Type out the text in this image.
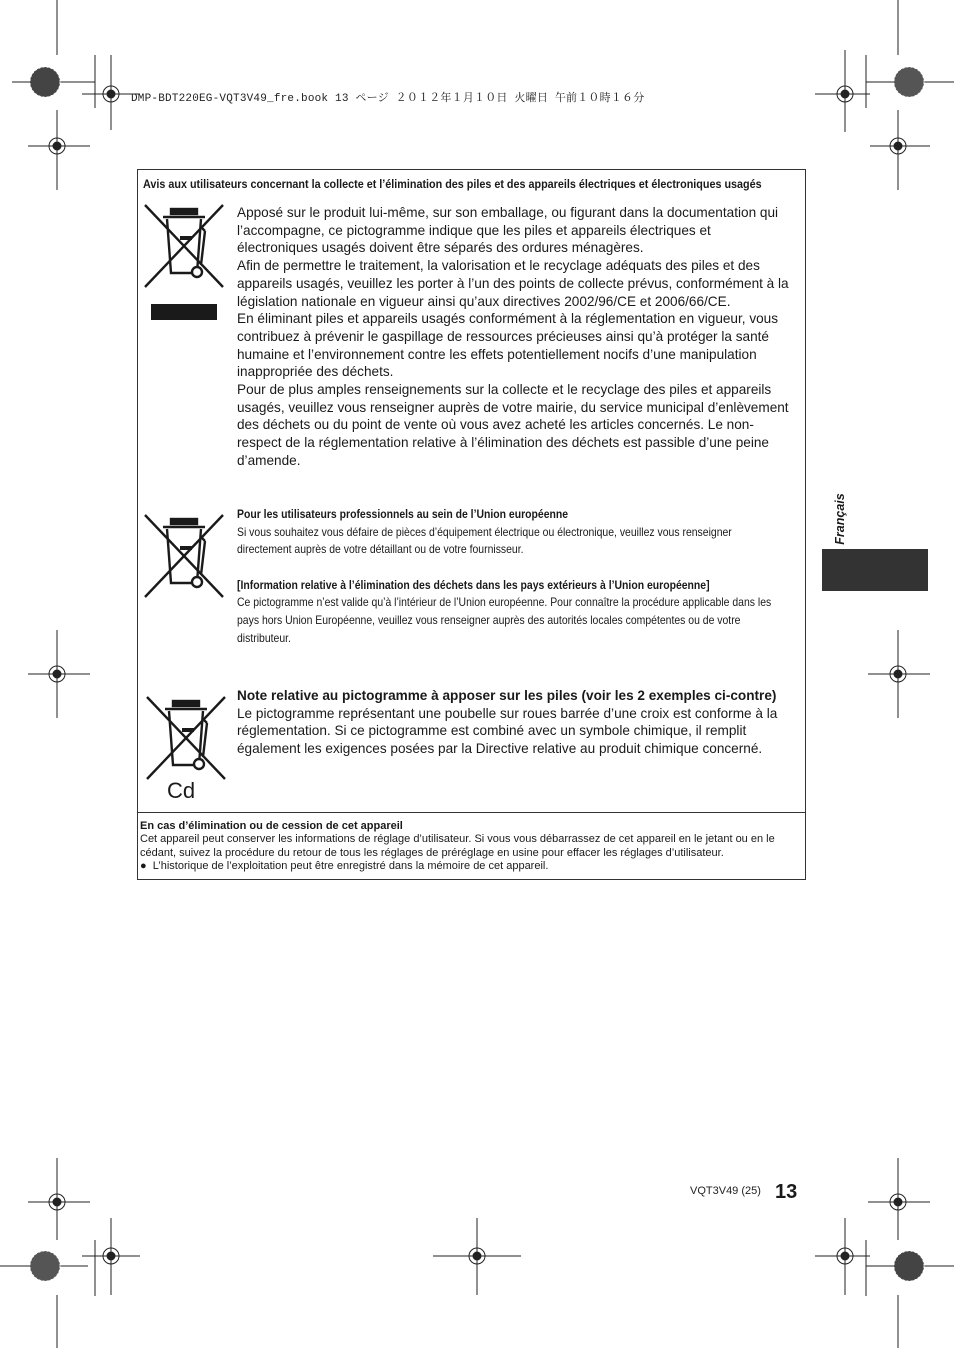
DMP-BDT220EG-VQT3V49_fre.book 13 ページ ２０１２年１月１０日 火曜日 午前１０時１６分
Avis aux utilisateurs concernant la collecte et l’élimination des piles et des appareils électriques et électroniques usagés

Apposé sur le produit lui-même, sur son emballage, ou figurant dans la documentation qui l’accompagne, ce pictogramme indique que les piles et appareils électriques et électroniques usagés doivent être séparés des ordures ménagères.

Afin de permettre le traitement, la valorisation et le recyclage adéquats des piles et des appareils usagés, veuillez les porter à l’un des points de collecte prévus, conformément à la législation nationale en vigueur ainsi qu’aux directives 2002/96/CE et 2006/66/CE.

En éliminant piles et appareils usagés conformément à la réglementation en vigueur, vous contribuez à prévenir le gaspillage de ressources précieuses ainsi qu’à protéger la santé humaine et l’environnement contre les effets potentiellement nocifs d’une manipulation inappropriée des déchets.

Pour de plus amples renseignements sur la collecte et le recyclage des piles et appareils usagés, veuillez vous renseigner auprès de votre mairie, du service municipal d’enlèvement des déchets ou du point de vente où vous avez acheté les articles concernés. Le non-respect de la réglementation relative à l’élimination des déchets est passible d’une peine d’amende.

Pour les utilisateurs professionnels au sein de l’Union européenne

Si vous souhaitez vous défaire de pièces d’équipement électrique ou électronique, veuillez vous renseigner directement auprès de votre détaillant ou de votre fournisseur.

[Information relative à l’élimination des déchets dans les pays extérieurs à l’Union européenne]

Ce pictogramme n’est valide qu’à l’intérieur de l’Union européenne. Pour connaître la procédure applicable dans les pays hors Union Européenne, veuillez vous renseigner auprès des autorités locales compétentes ou de votre distributeur.

Cd

Note relative au pictogramme à apposer sur les piles (voir les 2 exemples ci-contre)

Le pictogramme représentant une poubelle sur roues barrée d’une croix est conforme à la réglementation. Si ce pictogramme est combiné avec un symbole chimique, il remplit également les exigences posées par la Directive relative au produit chimique concerné.

En cas d’élimination ou de cession de cet appareil

Cet appareil peut conserver les informations de réglage d’utilisateur. Si vous vous débarrassez de cet appareil en le jetant ou en le cédant, suivez la procédure du retour de tous les réglages de préréglage en usine pour effacer les réglages d’utilisateur.

● L’historique de l’exploitation peut être enregistré dans la mémoire de cet appareil.

Français
VQT3V49 (25) 13
